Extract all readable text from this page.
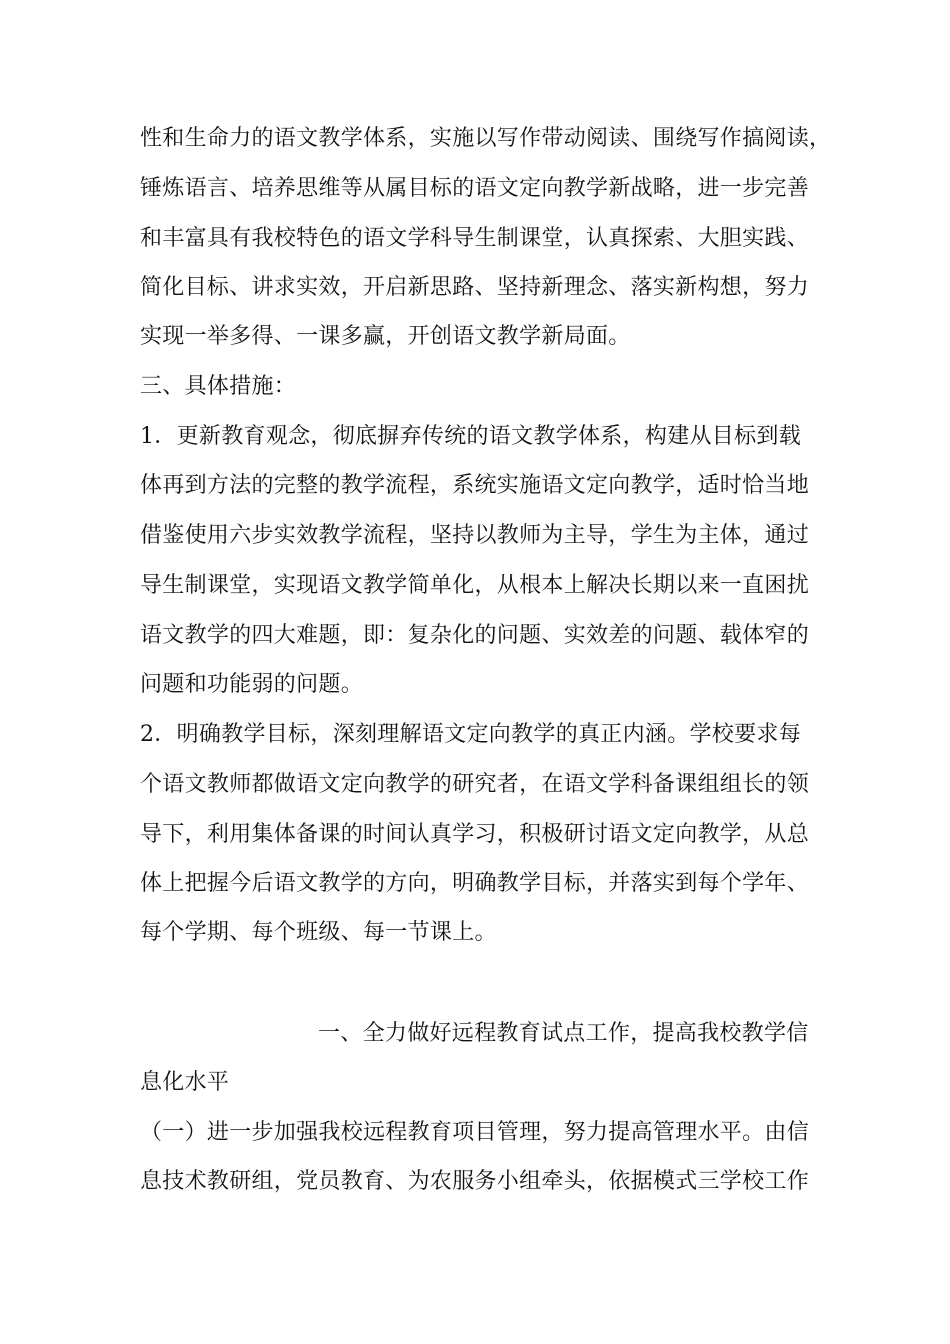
性和生命力的语文教学体系，实施以写作带动阅读、围绕写作搞阅读，
锤炼语言、培养思维等从属目标的语文定向教学新战略，进一步完善
和丰富具有我校特色的语文学科导生制课堂，认真探索、大胆实践、
简化目标、讲求实效，开启新思路、坚持新理念、落实新构想，努力
实现一举多得、一课多赢，开创语文教学新局面。
三、具体措施：
1．更新教育观念，彻底摒弃传统的语文教学体系，构建从目标到载
体再到方法的完整的教学流程，系统实施语文定向教学，适时恰当地
借鉴使用六步实效教学流程，坚持以教师为主导，学生为主体，通过
导生制课堂，实现语文教学简单化，从根本上解决长期以来一直困扰
语文教学的四大难题，即：复杂化的问题、实效差的问题、载体窄的
问题和功能弱的问题。
2．明确教学目标，深刻理解语文定向教学的真正内涵。学校要求每
个语文教师都做语文定向教学的研究者，在语文学科备课组组长的领
导下，利用集体备课的时间认真学习，积极研讨语文定向教学，从总
体上把握今后语文教学的方向，明确教学目标，并落实到每个学年、
每个学期、每个班级、每一节课上。
一、全力做好远程教育试点工作，提高我校教学信
息化水平
（一）进一步加强我校远程教育项目管理，努力提高管理水平。由信
息技术教研组，党员教育、为农服务小组牵头，依据模式三学校工作
